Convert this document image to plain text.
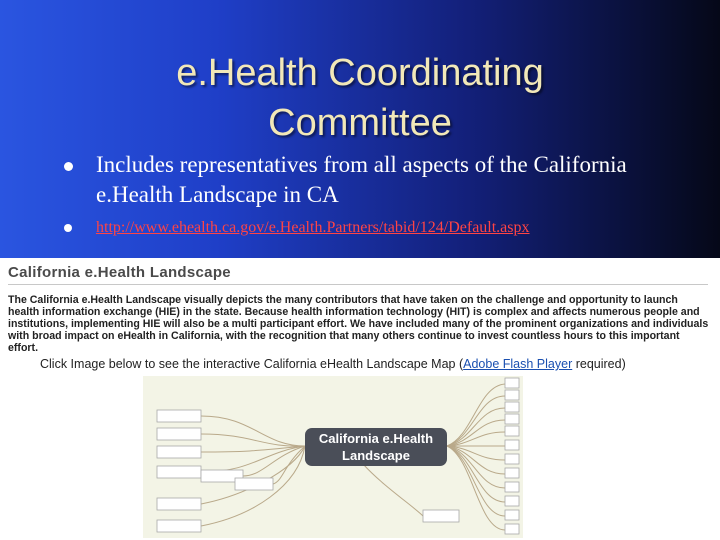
e.Health Coordinating Committee
Includes representatives from all aspects of the California e.Health Landscape in CA
http://www.ehealth.ca.gov/e.Health.Partners/tabid/124/Default.aspx
California e.Health Landscape
The California e.Health Landscape visually depicts the many contributors that have taken on the challenge and opportunity to launch health information exchange (HIE) in the state. Because health information technology (HIT) is complex and affects numerous people and institutions, implementing HIE will also be a multi participant effort. We have included many of the prominent organizations and individuals with broad impact on eHealth in California, with the recognition that many others continue to invest countless hours to this important effort.
Click Image below to see the interactive California eHealth Landscape Map (Adobe Flash Player required)
California e.Health Landscape
